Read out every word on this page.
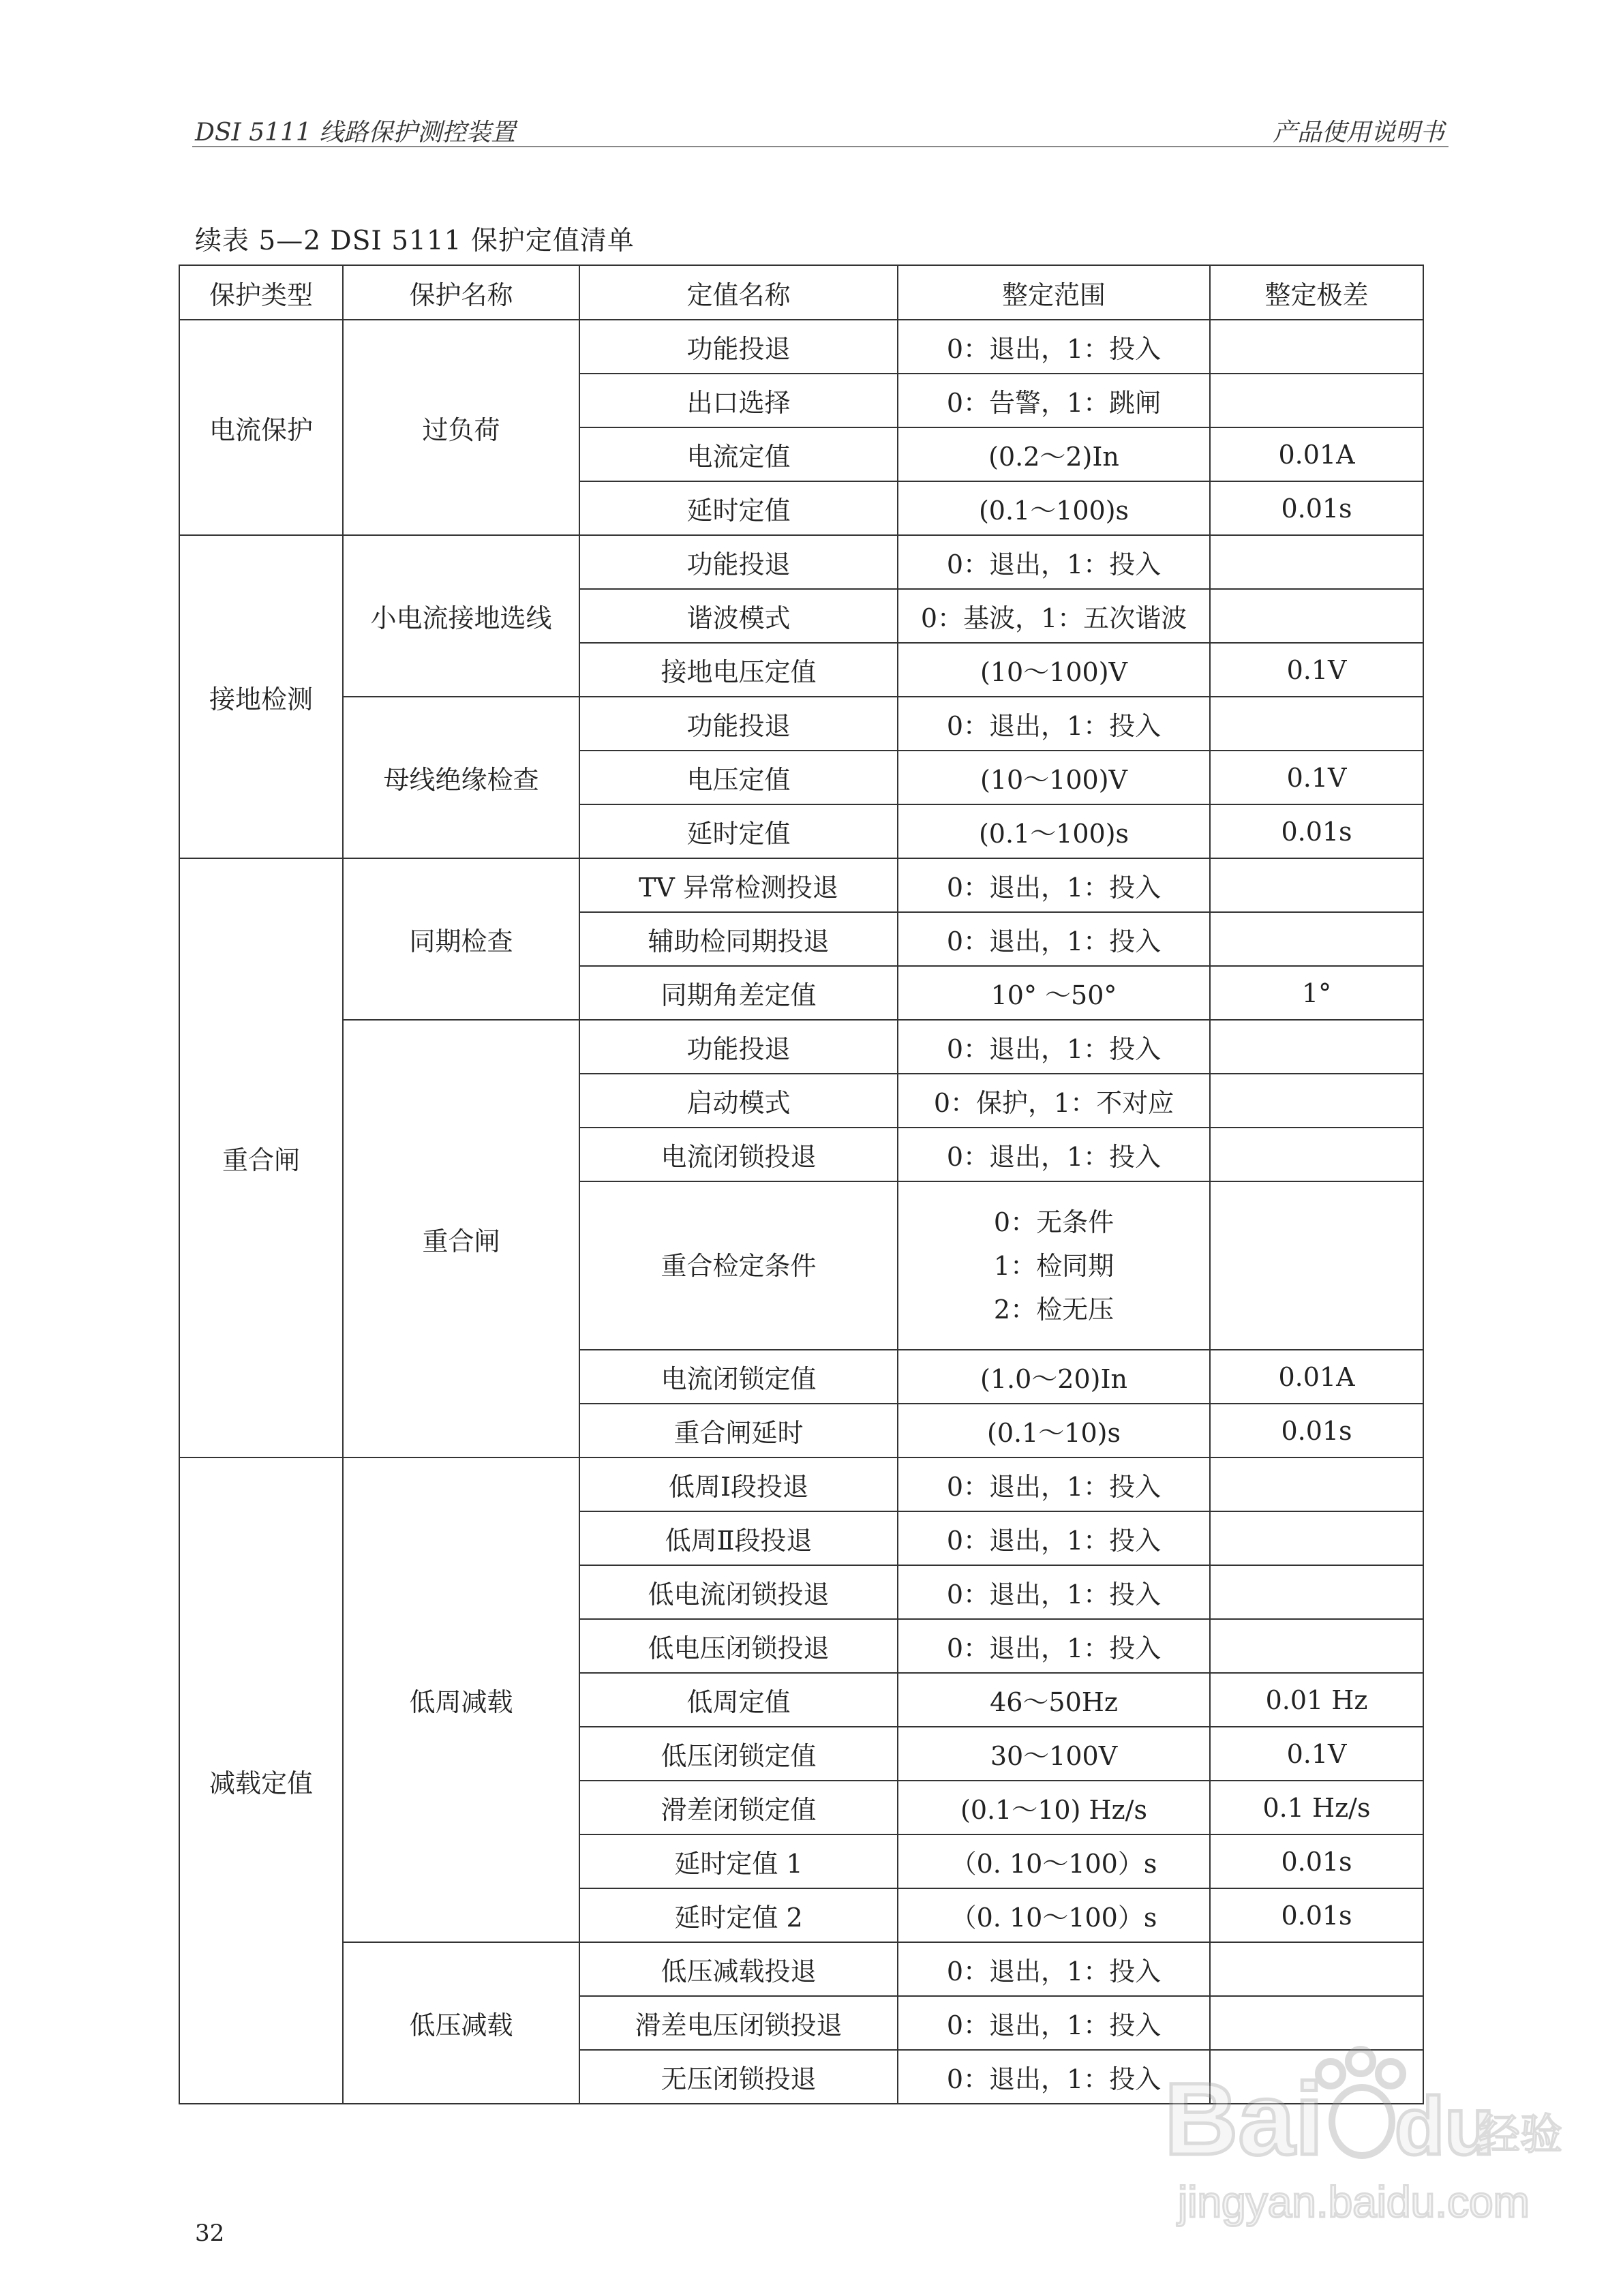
DSI 5111 线路保护测控装置	产品使用说明书
续表 5—2 DSI 5111 保护定值清单
保护类型	保护名称	定值名称	整定范围	整定极差
电流保护	过负荷	功能投退	0：退出，1：投入	
		出口选择	0：告警，1：跳闸	
		电流定值	(0.2～2)In	0.01A
		延时定值	(0.1～100)s	0.01s
接地检测	小电流接地选线	功能投退	0：退出，1：投入	
		谐波模式	0：基波，1：五次谐波	
		接地电压定值	(10～100)V	0.1V
	母线绝缘检查	功能投退	0：退出，1：投入	
		电压定值	(10～100)V	0.1V
		延时定值	(0.1～100)s	0.01s
重合闸	同期检查	TV 异常检测投退	0：退出，1：投入	
		辅助检同期投退	0：退出，1：投入	
		同期角差定值	10° ～50°	1°
	重合闸	功能投退	0：退出，1：投入	
		启动模式	0：保护，1：不对应	
		电流闭锁投退	0：退出，1：投入	
		重合检定条件	0：无条件
1：检同期
2：检无压	

		电流闭锁定值	(1.0～20)In	0.01A
		重合闸延时	(0.1～10)s	0.01s
减载定值	低周减载	低周Ⅰ段投退	0：退出，1：投入	
		低周Ⅱ段投退	0：退出，1：投入	
		低电流闭锁投退	0：退出，1：投入	
		低电压闭锁投退	0：退出，1：投入	
		低周定值	46～50Hz	0.01 Hz
		低压闭锁定值	30～100V	0.1V
		滑差闭锁定值	(0.1～10) Hz/s	0.1 Hz/s
		延时定值 1	（0. 10～100）s	0.01s
		延时定值 2	（0. 10～100）s	0.01s
	低压减载	低压减载投退	0：退出，1：投入	
		滑差电压闭锁投退	0：退出，1：投入	
		无压闭锁投退	0：退出，1：投入	
32
Bai du
经验
jingyan.baidu.com
